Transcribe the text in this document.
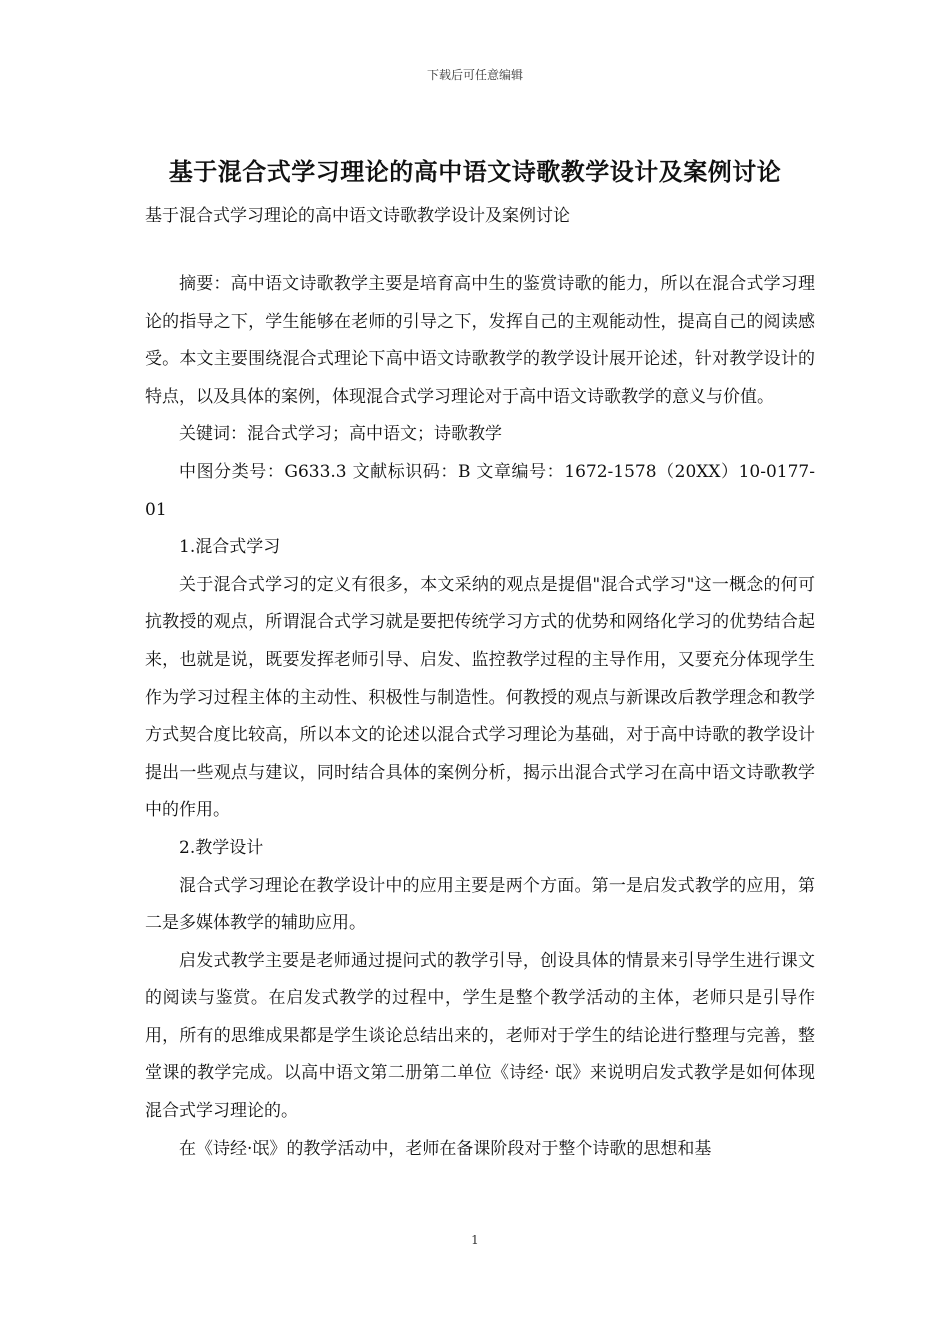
下载后可任意编辑
基于混合式学习理论的高中语文诗歌教学设计及案例讨论
基于混合式学习理论的高中语文诗歌教学设计及案例讨论

摘要：高中语文诗歌教学主要是培育高中生的鉴赏诗歌的能力，所以在混合式学习理论的指导之下，学生能够在老师的引导之下，发挥自己的主观能动性，提高自己的阅读感受。本文主要围绕混合式理论下高中语文诗歌教学的教学设计展开论述，针对教学设计的特点，以及具体的案例，体现混合式学习理论对于高中语文诗歌教学的意义与价值。

关键词：混合式学习；高中语文；诗歌教学

中图分类号：G633.3 文献标识码：B 文章编号：1672-1578（20XX）10-0177-01

1.混合式学习

关于混合式学习的定义有很多，本文采纳的观点是提倡"混合式学习"这一概念的何可抗教授的观点，所谓混合式学习就是要把传统学习方式的优势和网络化学习的优势结合起来，也就是说，既要发挥老师引导、启发、监控教学过程的主导作用，又要充分体现学生作为学习过程主体的主动性、积极性与制造性。何教授的观点与新课改后教学理念和教学方式契合度比较高，所以本文的论述以混合式学习理论为基础，对于高中诗歌的教学设计提出一些观点与建议，同时结合具体的案例分析，揭示出混合式学习在高中语文诗歌教学中的作用。

2.教学设计

混合式学习理论在教学设计中的应用主要是两个方面。第一是启发式教学的应用，第二是多媒体教学的辅助应用。

启发式教学主要是老师通过提问式的教学引导，创设具体的情景来引导学生进行课文的阅读与鉴赏。在启发式教学的过程中，学生是整个教学活动的主体，老师只是引导作用，所有的思维成果都是学生谈论总结出来的，老师对于学生的结论进行整理与完善，整堂课的教学完成。以高中语文第二册第二单位《诗经· 氓》来说明启发式教学是如何体现混合式学习理论的。

在《诗经·氓》的教学活动中，老师在备课阶段对于整个诗歌的思想和基

1
